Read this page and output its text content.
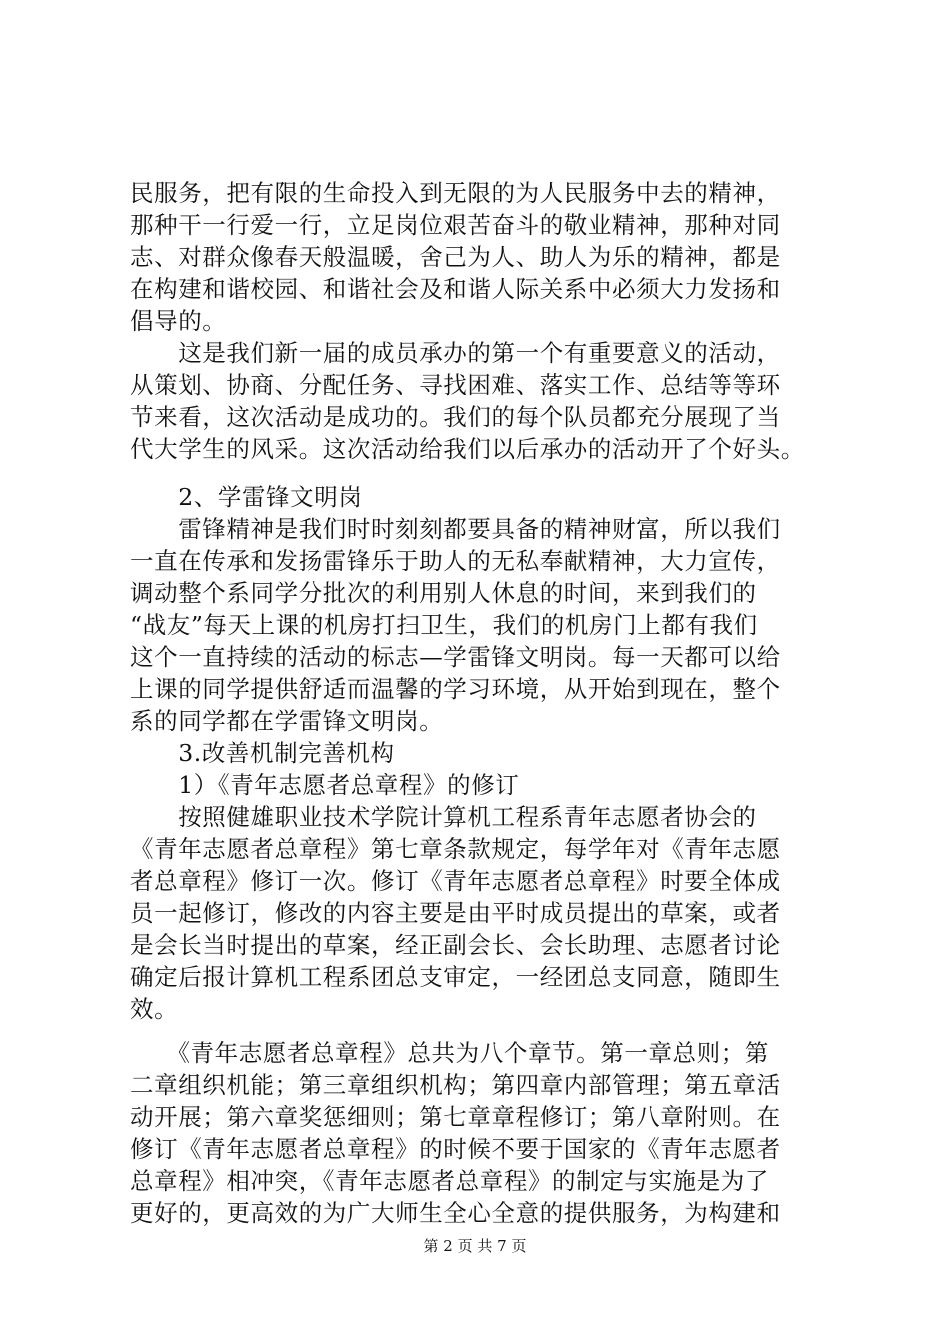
民服务，把有限的生命投入到无限的为人民服务中去的精神，
那种干一行爱一行，立足岗位艰苦奋斗的敬业精神，那种对同
志、对群众像春天般温暖，舍己为人、助人为乐的精神，都是
在构建和谐校园、和谐社会及和谐人际关系中必须大力发扬和
倡导的。
　　这是我们新一届的成员承办的第一个有重要意义的活动，
从策划、协商、分配任务、寻找困难、落实工作、总结等等环
节来看，这次活动是成功的。我们的每个队员都充分展现了当
代大学生的风采。这次活动给我们以后承办的活动开了个好头。
　　2、学雷锋文明岗
　　雷锋精神是我们时时刻刻都要具备的精神财富，所以我们
一直在传承和发扬雷锋乐于助人的无私奉献精神，大力宣传，
调动整个系同学分批次的利用别人休息的时间，来到我们的
“战友”每天上课的机房打扫卫生，我们的机房门上都有我们
这个一直持续的活动的标志—学雷锋文明岗。每一天都可以给
上课的同学提供舒适而温馨的学习环境，从开始到现在，整个
系的同学都在学雷锋文明岗。
　　3.改善机制完善机构
　　1）《青年志愿者总章程》的修订
　　按照健雄职业技术学院计算机工程系青年志愿者协会的
《青年志愿者总章程》第七章条款规定，每学年对《青年志愿
者总章程》修订一次。修订《青年志愿者总章程》时要全体成
员一起修订，修改的内容主要是由平时成员提出的草案，或者
是会长当时提出的草案，经正副会长、会长助理、志愿者讨论
确定后报计算机工程系团总支审定，一经团总支同意，随即生
效。
　　《青年志愿者总章程》总共为八个章节。第一章总则；第
二章组织机能；第三章组织机构；第四章内部管理；第五章活
动开展；第六章奖惩细则；第七章章程修订；第八章附则。在
修订《青年志愿者总章程》的时候不要于国家的《青年志愿者
总章程》相冲突，《青年志愿者总章程》的制定与实施是为了
更好的，更高效的为广大师生全心全意的提供服务，为构建和
第 2 页 共 7 页
